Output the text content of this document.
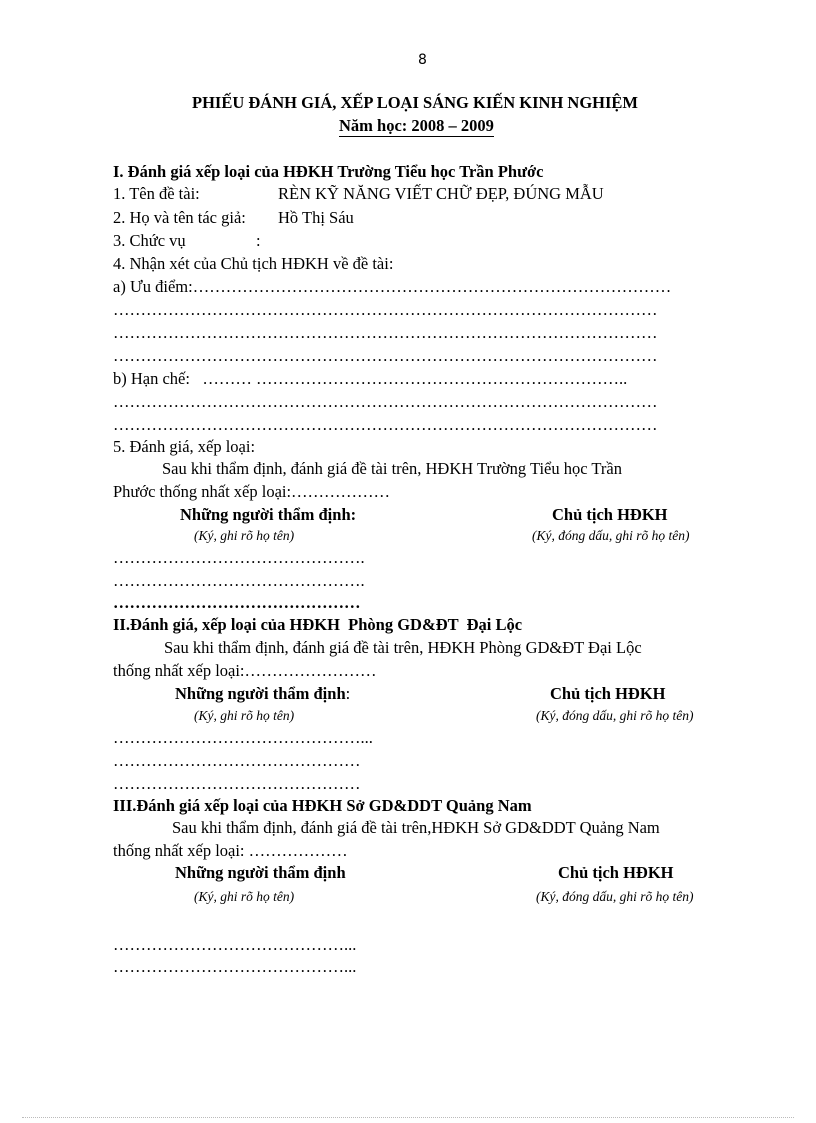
8
PHIẾU ĐÁNH GIÁ, XẾP LOẠI SÁNG KIẾN KINH NGHIỆM
Năm học: 2008 – 2009
I. Đánh giá xếp loại của HĐKH Trường Tiểu học Trần Phước
1. Tên đề tài:	RÈN KỸ NĂNG VIẾT CHỮ ĐẸP, ĐÚNG MẪU
2. Họ và tên tác giả: Hồ Thị Sáu
3. Chức vụ	:
4. Nhận xét của Chủ tịch HĐKH về đề tài:
a) Ưu điểm:……………………………………………………………………………
………………………………………………………………………………………
………………………………………………………………………………………
………………………………………………………………………………………
b) Hạn chế:   ……… …………………………………………………………..
………………………………………………………………………………………
………………………………………………………………………………………
5. Đánh giá, xếp loại:
Sau khi thẩm định, đánh giá đề tài trên, HĐKH Trường Tiểu học Trần
Phước thống nhất xếp loại:………………
Những người thẩm định:	Chủ tịch HĐKH
(Ký, ghi rõ họ tên)	(Ký, đóng dấu, ghi rõ họ tên)
……………………………………….
……………………………………….
………………………………………
II.Đánh giá, xếp loại của HĐKH  Phòng GD&ĐT  Đại Lộc
Sau khi thẩm định, đánh giá đề tài trên, HĐKH Phòng GD&ĐT Đại Lộc
thống nhất xếp loại:……………………
Những người thẩm định:	Chủ tịch HĐKH
(Ký, ghi rõ họ tên)	(Ký, đóng dấu, ghi rõ họ tên)
………………………………………...
………………………………………
………………………………………
III.Đánh giá xếp loại của HĐKH Sở GD&DDT Quảng Nam
Sau khi thẩm định, đánh giá đề tài trên,HĐKH Sở GD&DDT Quảng Nam
thống nhất xếp loại: ………………
Những người thẩm định	Chủ tịch HĐKH
(Ký, ghi rõ họ tên)	(Ký, đóng dấu, ghi rõ họ tên)
……………………………………...
……………………………………...
